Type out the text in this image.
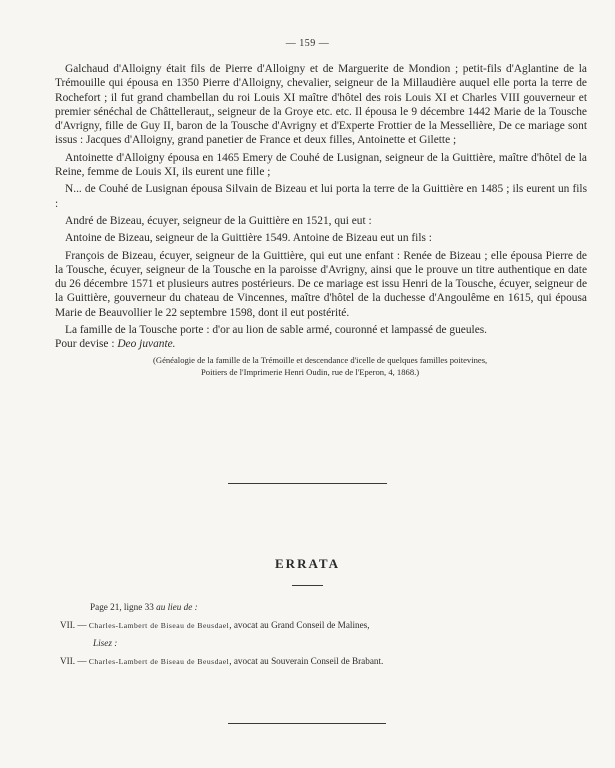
— 159 —

Galchaud d'Alloigny était fils de Pierre d'Alloigny et de Marguerite de Mondion ; petit-fils d'Aglantine de la Trémouille qui épousa en 1350 Pierre d'Alloigny, chevalier, seigneur de la Millaudière auquel elle porta la terre de Rochefort ; il fut grand chambellan du roi Louis XI maître d'hôtel des rois Louis XI et Charles VIII gouverneur et premier sénéchal de Châttelleraut,, seigneur de la Groye etc. etc. Il épousa le 9 décembre 1442 Marie de la Tousche d'Avrigny, fille de Guy II, baron de la Tousche d'Avrigny et d'Experte Frottier de la Messellière, De ce mariage sont issus : Jacques d'Alloigny, grand panetier de France et deux filles, Antoinette et Gilette ;

Antoinette d'Alloigny épousa en 1465 Emery de Couhé de Lusignan, seigneur de la Guittière, maître d'hôtel de la Reine, femme de Louis XI, ils eurent une fille ;

N... de Couhé de Lusignan épousa Silvain de Bizeau et lui porta la terre de la Guittière en 1485 ; ils eurent un fils :

André de Bizeau, écuyer, seigneur de la Guittière en 1521, qui eut :

Antoine de Bizeau, seigneur de la Guittière 1549. Antoine de Bizeau eut un fils :

François de Bizeau, écuyer, seigneur de la Guittière, qui eut une enfant : Renée de Bizeau ; elle épousa Pierre de la Tousche, écuyer, seigneur de la Tousche en la paroisse d'Avrigny, ainsi que le prouve un titre authentique en date du 26 décembre 1571 et plusieurs autres postérieurs. De ce mariage est issu Henri de la Tousche, écuyer, seigneur de la Guittière, gouverneur du chateau de Vincennes, maître d'hôtel de la duchesse d'Angoulême en 1615, qui épousa Marie de Beauvollier le 22 septembre 1598, dont il eut postérité.

La famille de la Tousche porte : d'or au lion de sable armé, couronné et lampassé de gueules.

Pour devise : Deo juvante.

(Généalogie de la famille de la Trémoille et descendance d'icelle de quelques familles poitevines,
Poitiers de l'Imprimerie Henri Oudin, rue de l'Eperon, 4, 1868.)

ERRATA
Page 21, ligne 33 au lieu de :
VII. — Charles-Lambert de Biseau de Beusdael, avocat au Grand Conseil de Malines,
Lisez :
VII. — Charles-Lambert de Biseau de Beusdael, avocat au Souverain Conseil de Brabant.
